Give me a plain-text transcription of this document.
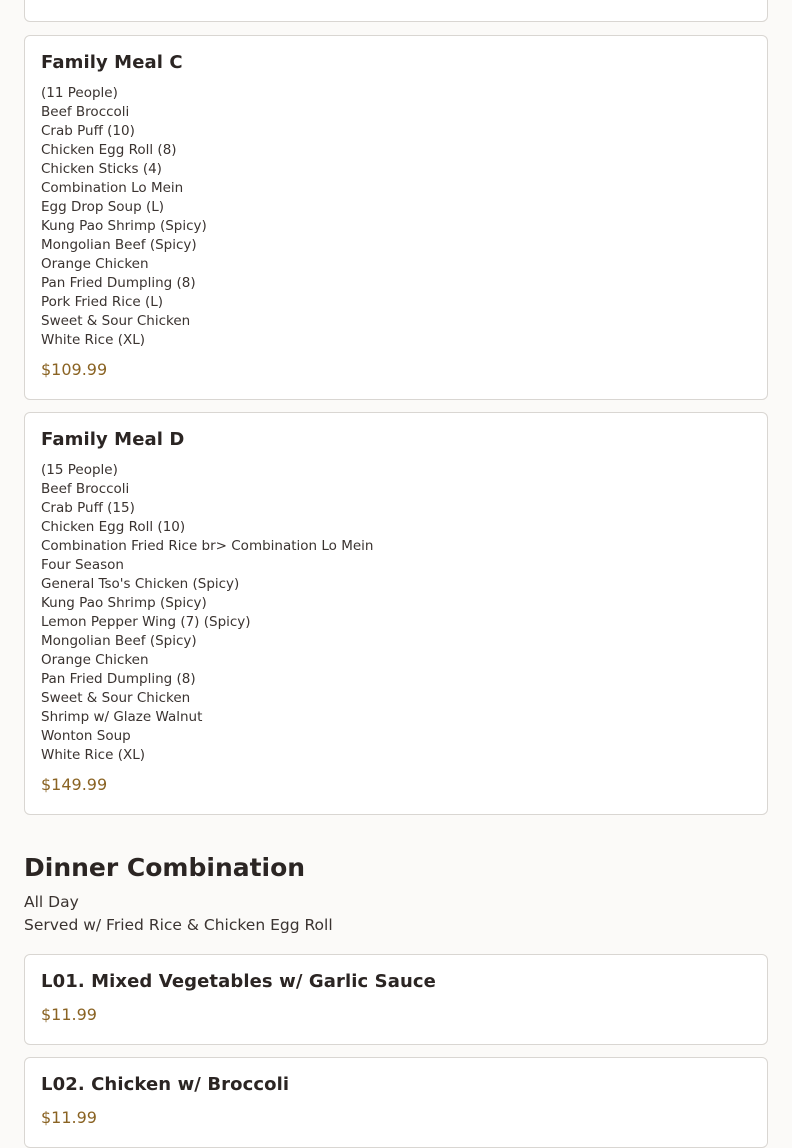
Family Meal C
(11 People)
Beef Broccoli
Crab Puff (10)
Chicken Egg Roll (8)
Chicken Sticks (4)
Combination Lo Mein
Egg Drop Soup (L)
Kung Pao Shrimp (Spicy)
Mongolian Beef (Spicy)
Orange Chicken
Pan Fried Dumpling (8)
Pork Fried Rice (L)
Sweet & Sour Chicken
White Rice (XL)
$109.99
Family Meal D
(15 People)
Beef Broccoli
Crab Puff (15)
Chicken Egg Roll (10)
Combination Fried Rice br> Combination Lo Mein
Four Season
General Tso's Chicken (Spicy)
Kung Pao Shrimp (Spicy)
Lemon Pepper Wing (7) (Spicy)
Mongolian Beef (Spicy)
Orange Chicken
Pan Fried Dumpling (8)
Sweet & Sour Chicken
Shrimp w/ Glaze Walnut
Wonton Soup
White Rice (XL)
$149.99
Dinner Combination
All Day
Served w/ Fried Rice & Chicken Egg Roll
L01. Mixed Vegetables w/ Garlic Sauce
$11.99
L02. Chicken w/ Broccoli
$11.99
